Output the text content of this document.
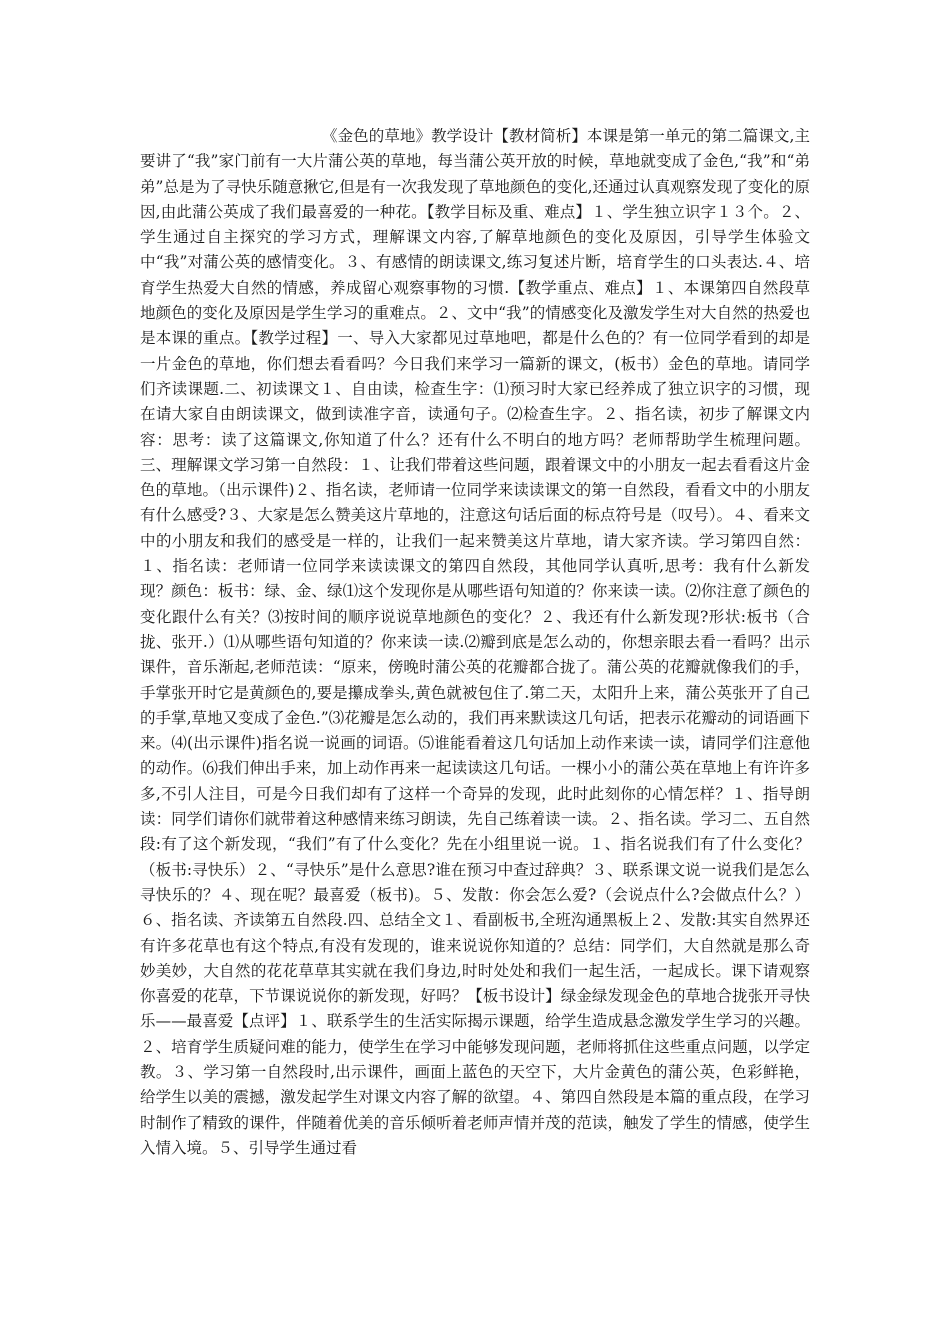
《金色的草地》教学设计【教材简析】本课是第一单元的第二篇课文,主要讲了“我”家门前有一大片蒲公英的草地，每当蒲公英开放的时候，草地就变成了金色,“我”和“弟弟”总是为了寻快乐随意揪它,但是有一次我发现了草地颜色的变化,还通过认真观察发现了变化的原因,由此蒲公英成了我们最喜爱的一种花。【教学目标及重、难点】１、学生独立识字１３个。２、学生通过自主探究的学习方式，理解课文内容,了解草地颜色的变化及原因，引导学生体验文中“我”对蒲公英的感情变化。３、有感情的朗读课文,练习复述片断，培育学生的口头表达.４、培育学生热爱大自然的情感，养成留心观察事物的习惯.【教学重点、难点】１、本课第四自然段草地颜色的变化及原因是学生学习的重难点。２、文中“我”的情感变化及激发学生对大自然的热爱也是本课的重点。【教学过程】一、导入大家都见过草地吧，都是什么色的？有一位同学看到的却是一片金色的草地，你们想去看看吗？今日我们来学习一篇新的课文，(板书）金色的草地。请同学们齐读课题.二、初读课文１、自由读，检查生字：⑴预习时大家已经养成了独立识字的习惯，现在请大家自由朗读课文，做到读准字音，读通句子。⑵检查生字。２、指名读，初步了解课文内容：思考：读了这篇课文,你知道了什么？还有什么不明白的地方吗？老师帮助学生梳理问题。三、理解课文学习第一自然段：１、让我们带着这些问题，跟着课文中的小朋友一起去看看这片金色的草地。（出示课件)２、指名读，老师请一位同学来读读课文的第一自然段，看看文中的小朋友有什么感受?３、大家是怎么赞美这片草地的，注意这句话后面的标点符号是（叹号）。４、看来文中的小朋友和我们的感受是一样的，让我们一起来赞美这片草地，请大家齐读。学习第四自然：１、指名读：老师请一位同学来读读课文的第四自然段，其他同学认真听,思考：我有什么新发现？颜色：板书：绿、金、绿⑴这个发现你是从哪些语句知道的？你来读一读。⑵你注意了颜色的变化跟什么有关？⑶按时间的顺序说说草地颜色的变化？２、我还有什么新发现?形状:板书（合拢、张开.）⑴从哪些语句知道的？你来读一读.⑵瓣到底是怎么动的，你想亲眼去看一看吗？出示课件，音乐渐起,老师范读：“原来，傍晚时蒲公英的花瓣都合拢了。蒲公英的花瓣就像我们的手，手掌张开时它是黄颜色的,要是攥成拳头,黄色就被包住了.第二天，太阳升上来，蒲公英张开了自己的手掌,草地又变成了金色.”⑶花瓣是怎么动的，我们再来默读这几句话，把表示花瓣动的词语画下来。⑷(出示课件)指名说一说画的词语。⑸谁能看着这几句话加上动作来读一读，请同学们注意他的动作。⑹我们伸出手来，加上动作再来一起读读这几句话。一棵小小的蒲公英在草地上有许许多多,不引人注目，可是今日我们却有了这样一个奇异的发现，此时此刻你的心情怎样？１、指导朗读：同学们请你们就带着这种感情来练习朗读，先自己练着读一读。２、指名读。学习二、五自然段:有了这个新发现，“我们”有了什么变化？先在小组里说一说。１、指名说我们有了什么变化？（板书:寻快乐）２、“寻快乐”是什么意思?谁在预习中查过辞典？３、联系课文说一说我们是怎么寻快乐的？４、现在呢？最喜爱（板书)。５、发散：你会怎么爱?（会说点什么?会做点什么？）６、指名读、齐读第五自然段.四、总结全文１、看副板书,全班沟通黑板上２、发散:其实自然界还有许多花草也有这个特点,有没有发现的，谁来说说你知道的？总结：同学们，大自然就是那么奇妙美妙，大自然的花花草草其实就在我们身边,时时处处和我们一起生活，一起成长。课下请观察你喜爱的花草，下节课说说你的新发现，好吗？【板书设计】绿金绿发现金色的草地合拢张开寻快乐——最喜爱【点评】１、联系学生的生活实际揭示课题，给学生造成悬念激发学生学习的兴趣。２、培育学生质疑问难的能力，使学生在学习中能够发现问题，老师将抓住这些重点问题，以学定教。３、学习第一自然段时,出示课件，画面上蓝色的天空下，大片金黄色的蒲公英，色彩鲜艳，给学生以美的震撼，激发起学生对课文内容了解的欲望。４、第四自然段是本篇的重点段，在学习时制作了精致的课件，伴随着优美的音乐倾听着老师声情并茂的范读，触发了学生的情感，使学生入情入境。５、引导学生通过看
